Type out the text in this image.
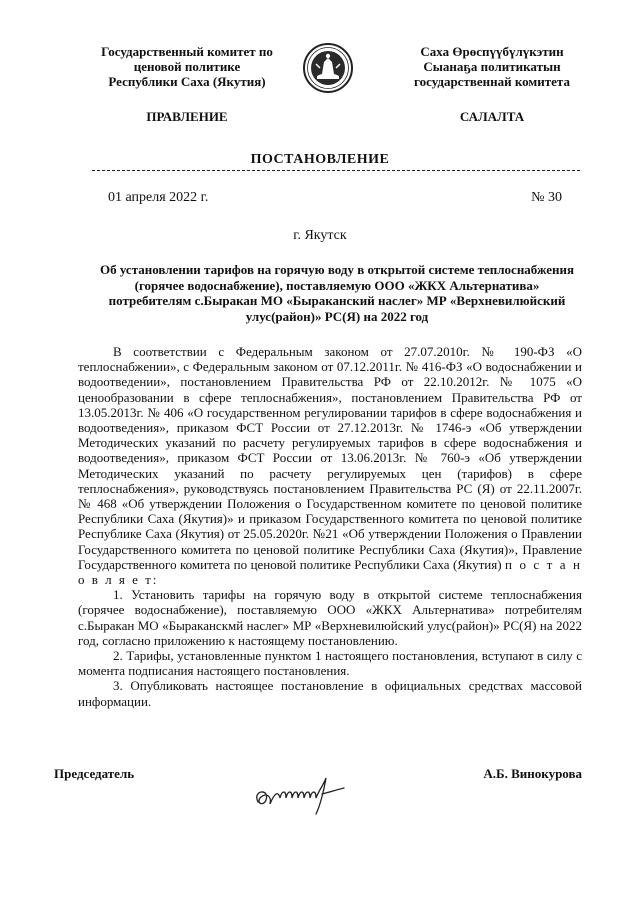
Государственный комитет по
ценовой политике
Республики Саха (Якутия)
ПРАВЛЕНИЕ
Саха Өрөспүүбүлүкэтин
Сыанаҕа политикатын
государственнай комитета
САЛАЛТА
ПОСТАНОВЛЕНИЕ
01 апреля 2022 г.	№ 30
г. Якутск
Об установлении тарифов на горячую воду в открытой системе теплоснабжения (горячее водоснабжение), поставляемую ООО «ЖКХ Альтернатива» потребителям с.Быракан МО «Быраканский наслег» МР «Верхневилюйский улус(район)» РС(Я) на 2022 год

В соответствии с Федеральным законом от 27.07.2010г. № 190-ФЗ «О теплоснабжении», с Федеральным законом от 07.12.2011г. № 416-ФЗ «О водоснабжении и водоотведении», постановлением Правительства РФ от 22.10.2012г. № 1075 «О ценообразовании в сфере теплоснабжения», постановлением Правительства РФ от 13.05.2013г. № 406 «О государственном регулировании тарифов в сфере водоснабжения и водоотведения», приказом ФСТ России от 27.12.2013г. № 1746-э «Об утверждении Методических указаний по расчету регулируемых тарифов в сфере водоснабжения и водоотведения», приказом ФСТ России от 13.06.2013г. № 760-э «Об утверждении Методических указаний по расчету регулируемых цен (тарифов) в сфере теплоснабжения», руководствуясь постановлением Правительства РС (Я) от 22.11.2007г. № 468 «Об утверждении Положения о Государственном комитете по ценовой политике Республики Саха (Якутия)» и приказом Государственного комитета по ценовой политике Республике Саха (Якутия) от 25.05.2020г. №21 «Об утверждении Положения о Правлении Государственного комитета по ценовой политике Республики Саха (Якутия)», Правление Государственного комитета по ценовой политике Республики Саха (Якутия) п о с т а н о в л я е т:

1. Установить тарифы на горячую воду в открытой системе теплоснабжения (горячее водоснабжение), поставляемую ООО «ЖКХ Альтернатива» потребителям с.Быракан МО «Быраканскмй наслег» МР «Верхневилюйский улус(район)» РС(Я) на 2022 год, согласно приложению к настоящему постановлению.

2. Тарифы, установленные пунктом 1 настоящего постановления, вступают в силу с момента подписания настоящего постановления.

3. Опубликовать настоящее постановление в официальных средствах массовой информации.

Председатель	А.Б. Винокурова
